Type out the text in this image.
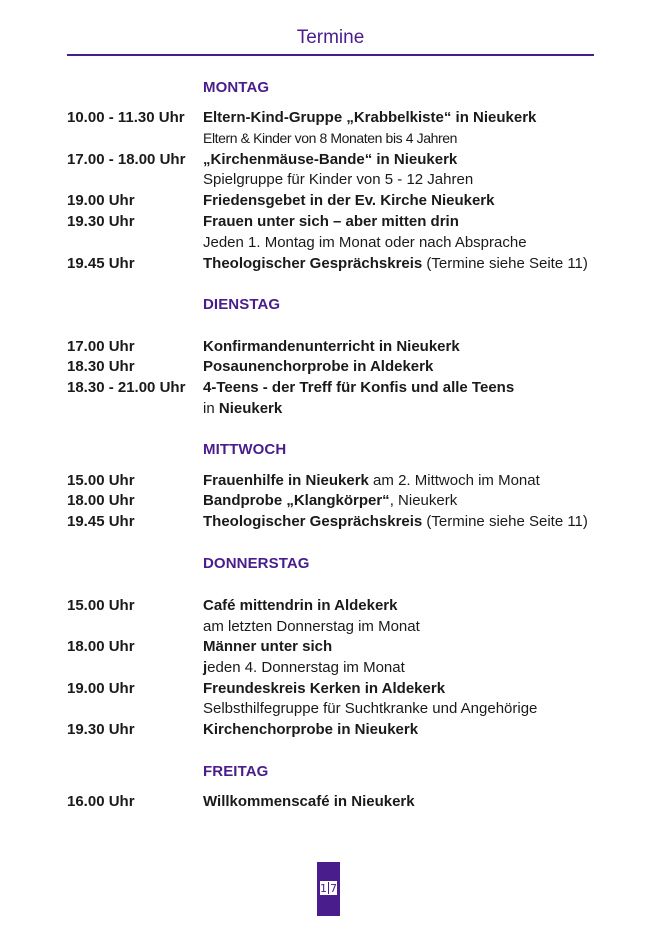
Termine
MONTAG
10.00 - 11.30 Uhr Eltern-Kind-Gruppe „Krabbelkiste“ in Nieukerk
Eltern & Kinder von 8 Monaten bis 4 Jahren
17.00 - 18.00 Uhr „Kirchenmäuse-Bande“ in Nieukerk
Spielgruppe für Kinder von 5 - 12 Jahren
19.00 Uhr	Friedensgebet in der Ev. Kirche Nieukerk
19.30 Uhr	Frauen unter sich – aber mitten drin
Jeden 1. Montag im Monat oder nach Absprache
19.45 Uhr	Theologischer Gesprächskreis (Termine siehe Seite 11)
DIENSTAG
17.00 Uhr	Konfirmandenunterricht in Nieukerk
18.30 Uhr	Posaunenchorprobe in Aldekerk
18.30 - 21.00 Uhr 4-Teens - der Treff für Konfis und alle Teens
in Nieukerk
MITTWOCH
15.00 Uhr	Frauenhilfe in Nieukerk am 2. Mittwoch im Monat
18.00 Uhr	Bandprobe „Klangkörper“, Nieukerk
19.45 Uhr	Theologischer Gesprächskreis (Termine siehe Seite 11)
DONNERSTAG
15.00 Uhr	Café mittendrin in Aldekerk
am letzten Donnerstag im Monat
18.00 Uhr	Männer unter sich
jeden 4. Donnerstag im Monat
19.00 Uhr	Freundeskreis Kerken in Aldekerk
Selbsthilfegruppe für Suchtkranke und Angehörige
19.30 Uhr	Kirchenchorprobe in Nieukerk
FREITAG
16.00 Uhr	Willkommenscafé in Nieukerk
1 7
